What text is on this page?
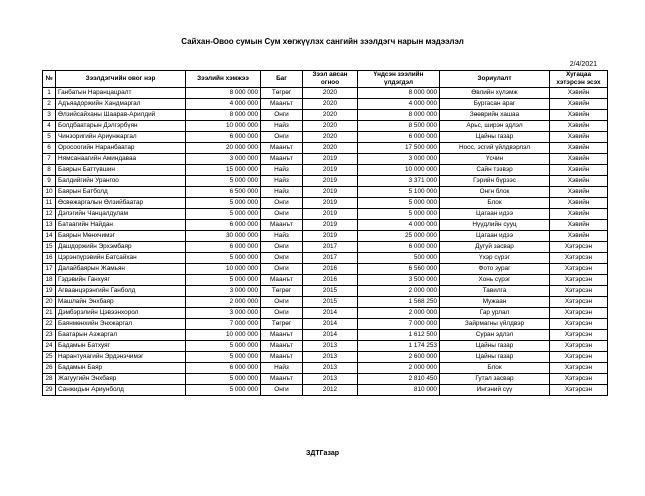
Сайхан-Овоо сумын Сум хөгжүүлэх сангийн зээлдэгч нарын мэдээлэл
2/4/2021
№	Зээлдэгчийн овог нэр	Зээлийн хэмжээ	Баг	Зээл авсан огноо	Үндсэн зээлийн үлдэгдэл	Зориулалт	Хугацаа хэтэрсэн эсэх

1	Ганбатын Наранцацралт	8 000 000	Төгрөг	2020	8 000 000	Өвлийн хүлэмж	Хэвийн
2	Адъяадоржийн Хандмаргал	4 000 000	Маанът	2020	4 000 000	Бургасан араг	Хэвийн
3	Өлзийсайханы Шаарав-Арилдий	8 000 000	Онги	2020	8 000 000	Зөөврийн хашаа	Хэвийн
4	Болдбаатарын Дэлгэрбүян	10 000 000	Найз	2020	8 500 000	Арьс, ширэн эдлэл	Хэвийн
5	Чинзоригийн Ариунжаргал	6 000 000	Онги	2020	6 000 000	Цайны газар	Хэвийн
6	Оросоогийн Наранбаатар	20 000 000	Маанът	2020	17 500 000	Ноос, эсгий үйлдвэрлэл	Хэвийн
7	Нямсанаагийн Аминдаваа	3 000 000	Маанът	2019	3 000 000	Үсчин	Хэвийн
8	Баярын Баттүвшин	15 000 000	Найз	2019	10 000 000	Сайн тэзвэр	Хэвийн
9	Балдийгийн Урангоо	5 000 000	Найз	2019	3 371 000	Гэрийн бүрээс	Хэвийн
10	Баярын Батболд	6 500 000	Найз	2019	5 100 000	Онгн блок	Хэвийн
11	Өсвөжаргалын Өлзийбаатар	5 000 000	Онги	2019	5 000 000	Блок	Хэвийн
12	Дэлэгийн Чанцалдулам	5 000 000	Онги	2019	5 000 000	Цагаан идээ	Хэвийн
13	Батаагийн Найдан	6 000 000	Маанът	2019	4 000 000	Нүүдлийн сууц	Хэвийн
14	Баярын Мөнхчимэг	30 000 000	Найз	2019	25 000 000	Цагаан идээ	Хэвийн
15	Дашдоржийн Эрхэмбаяр	6 000 000	Онги	2017	6 000 000	Дугуй засвар	Хэтэрсэн
16	Цэрэнпүрэвийн Батсайхан	5 000 000	Онги	2017	500 000	Үхэр сүрэг	Хэтэрсэн
17	Далайбаярын Жамьян	10 000 000	Онги	2016	6 560 000	Фото зураг	Хэтэрсэн
18	Гэдэвийн Ганхуяг	5 000 000	Маанът	2016	3 500 000	Хонь сүрэг	Хэтэрсэн
19	Агваанцэрэнгийн Ганболд	3 000 000	Төгрөг	2015	2 000 000	Тавилга	Хэтэрсэн
20	Машлайн Энхбаяр	2 000 000	Онги	2015	1 568 250	Мужаан	Хэтэрсэн
21	Дэмбэрэлийн Цэвээнхорол	3 000 000	Онги	2014	2 000 000	Гар урлал	Хэтэрсэн
22	Баянмөнхийн Энхжаргал	7 000 000	Төгрөг	2014	7 000 000	Зайрмагны үйлдвэр	Хэтэрсэн
23	Баатарын Азжаргал	10 000 000	Маанът	2014	1 612 500	Суран эдлэл	Хэтэрсэн
24	Бадамын Батхуяг	5 000 000	Маанът	2013	1 174 253	Цайны газар	Хэтэрсэн
25	Нарантуяагийн Эрдэнэчимэг	5 000 000	Маанът	2013	2 600 000	Цайны газар	Хэтэрсэн
26	Бадамын Баяр	6 000 000	Найз	2013	2 000 000	Блок	Хэтэрсэн
28	Жагуугийн Энхбаяр	5 000 000	Маанът	2013	2 810 450	Гутал засвар	Хэтэрсэн
29	Санжидын Ариунболд	5 000 000	Онги	2012	810 000	Ингэний сүү	Хэтэрсэн
ЗДТГазар
